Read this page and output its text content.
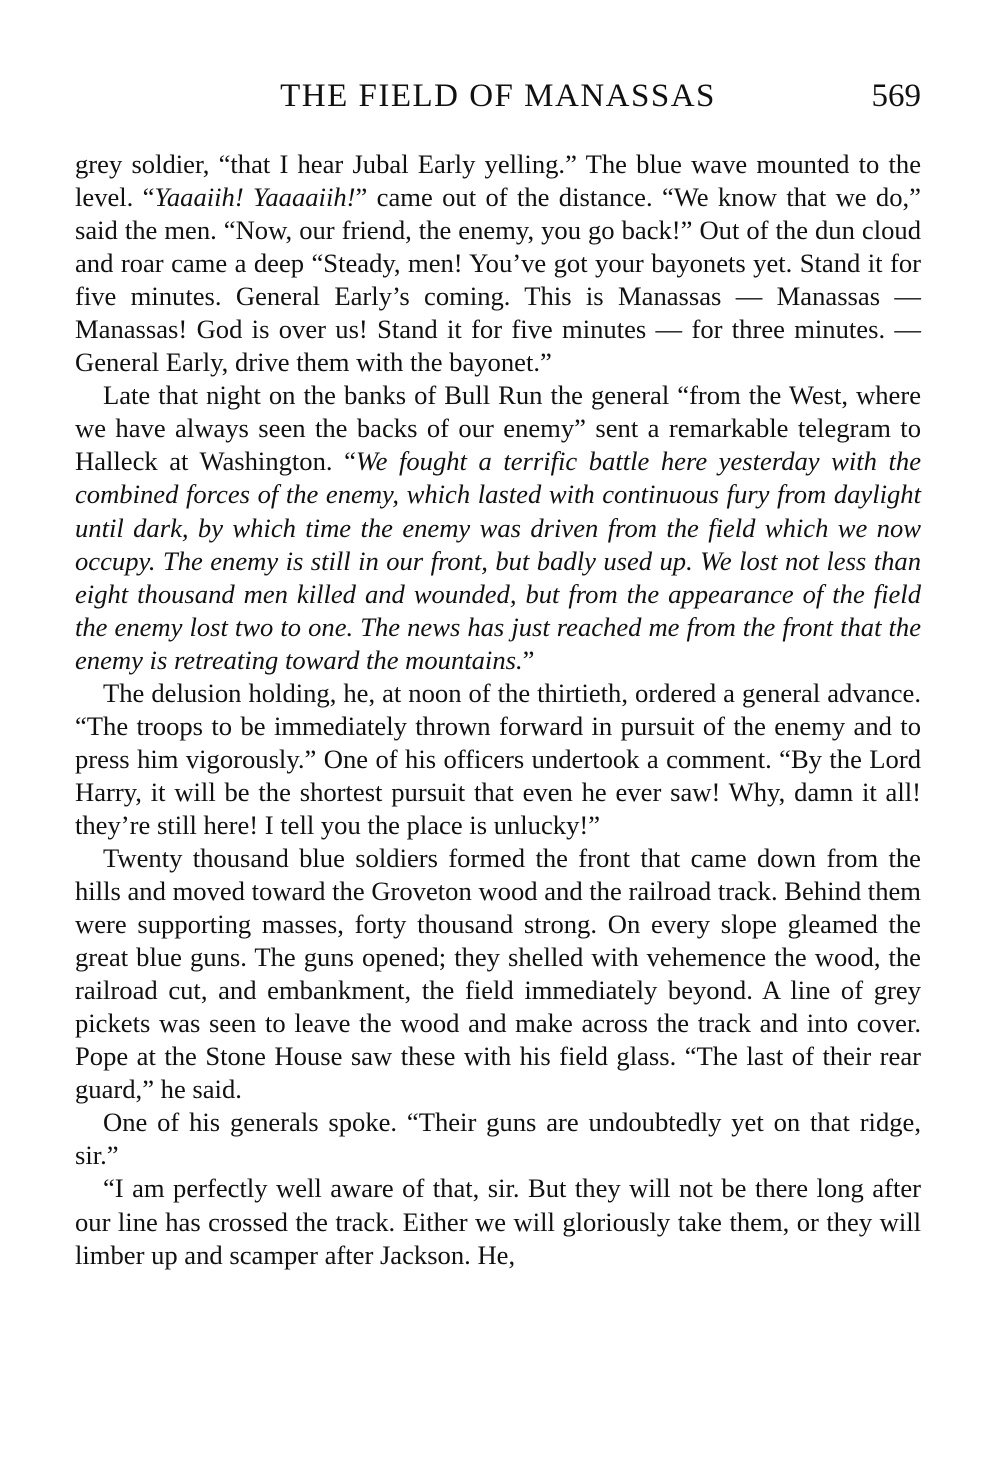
THE FIELD OF MANASSAS	569

grey soldier, “that I hear Jubal Early yelling.” The blue wave mounted to the level. “Yaaaiih! Yaaaaiih!” came out of the distance. “We know that we do,” said the men. “Now, our friend, the enemy, you go back!” Out of the dun cloud and roar came a deep “Steady, men! You’ve got your bayonets yet. Stand it for five minutes. General Early’s coming. This is Manassas — Manassas — Manassas! God is over us! Stand it for five minutes — for three minutes. — General Early, drive them with the bayonet.”

Late that night on the banks of Bull Run the general “from the West, where we have always seen the backs of our enemy” sent a remarkable telegram to Halleck at Washington. “We fought a terrific battle here yesterday with the combined forces of the enemy, which lasted with continuous fury from daylight until dark, by which time the enemy was driven from the field which we now occupy. The enemy is still in our front, but badly used up. We lost not less than eight thousand men killed and wounded, but from the appearance of the field the enemy lost two to one. The news has just reached me from the front that the enemy is retreating toward the mountains.”

The delusion holding, he, at noon of the thirtieth, ordered a general advance. “The troops to be immediately thrown forward in pursuit of the enemy and to press him vigorously.” One of his officers undertook a comment. “By the Lord Harry, it will be the shortest pursuit that even he ever saw! Why, damn it all! they’re still here! I tell you the place is unlucky!”

Twenty thousand blue soldiers formed the front that came down from the hills and moved toward the Groveton wood and the railroad track. Behind them were supporting masses, forty thousand strong. On every slope gleamed the great blue guns. The guns opened; they shelled with vehemence the wood, the railroad cut, and embankment, the field immediately beyond. A line of grey pickets was seen to leave the wood and make across the track and into cover. Pope at the Stone House saw these with his field glass. “The last of their rear guard,” he said.

One of his generals spoke. “Their guns are undoubtedly yet on that ridge, sir.”

“I am perfectly well aware of that, sir. But they will not be there long after our line has crossed the track. Either we will gloriously take them, or they will limber up and scamper after Jackson. He,
